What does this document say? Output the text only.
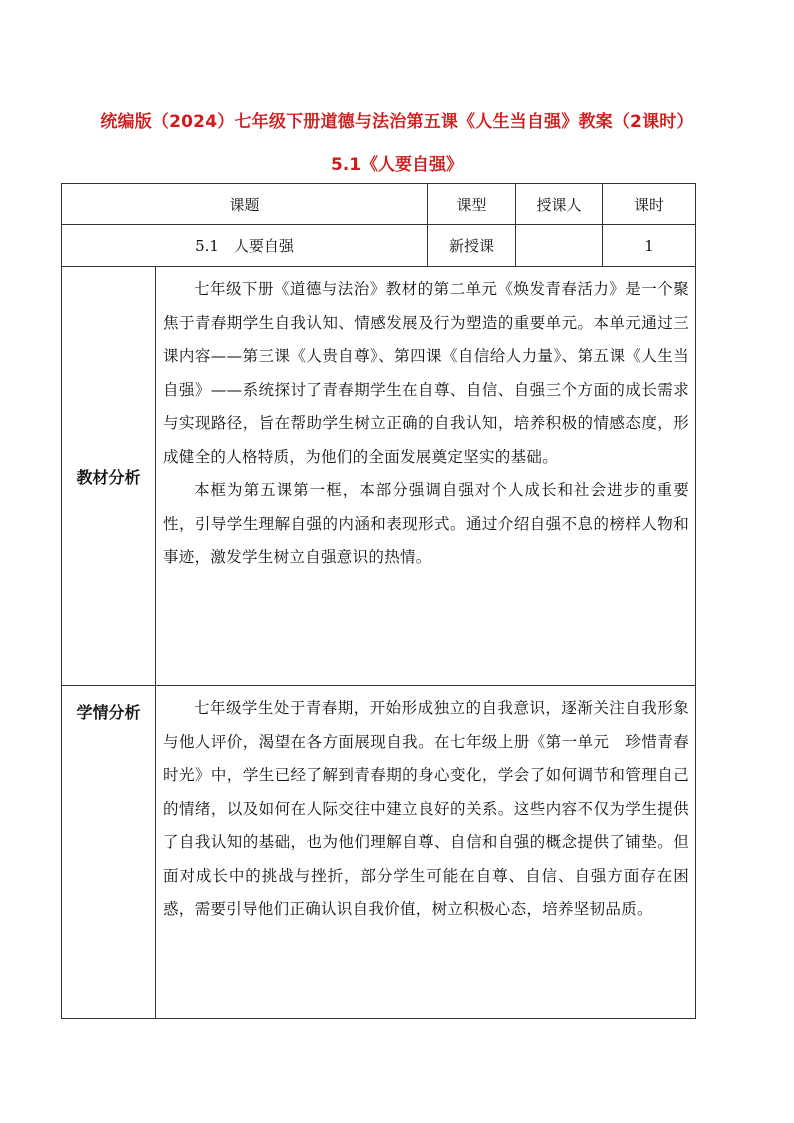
统编版（2024）七年级下册道德与法治第五课《人生当自强》教案（2课时）
5.1《人要自强》
课题		课型	授课人	课时
5.1　人要自强		新授课		1
教材分析	七年级下册《道德与法治》教材的第二单元《焕发青春活力》是一个聚焦于青春期学生自我认知、情感发展及行为塑造的重要单元。本单元通过三课内容——第三课《人贵自尊》、第四课《自信给人力量》、第五课《人生当自强》——系统探讨了青春期学生在自尊、自信、自强三个方面的成长需求与实现路径，旨在帮助学生树立正确的自我认知，培养积极的情感态度，形成健全的人格特质，为他们的全面发展奠定坚实的基础。

本框为第五课第一框，本部分强调自强对个人成长和社会进步的重要性，引导学生理解自强的内涵和表现形式。通过介绍自强不息的榜样人物和事迹，激发学生树立自强意识的热情。			

学情分析	七年级学生处于青春期，开始形成独立的自我意识，逐渐关注自我形象与他人评价，渴望在各方面展现自我。在七年级上册《第一单元　珍惜青春时光》中，学生已经了解到青春期的身心变化，学会了如何调节和管理自己的情绪，以及如何在人际交往中建立良好的关系。这些内容不仅为学生提供了自我认知的基础，也为他们理解自尊、自信和自强的概念提供了铺垫。但面对成长中的挑战与挫折，部分学生可能在自尊、自信、自强方面存在困惑，需要引导他们正确认识自我价值，树立积极心态，培养坚韧品质。			
